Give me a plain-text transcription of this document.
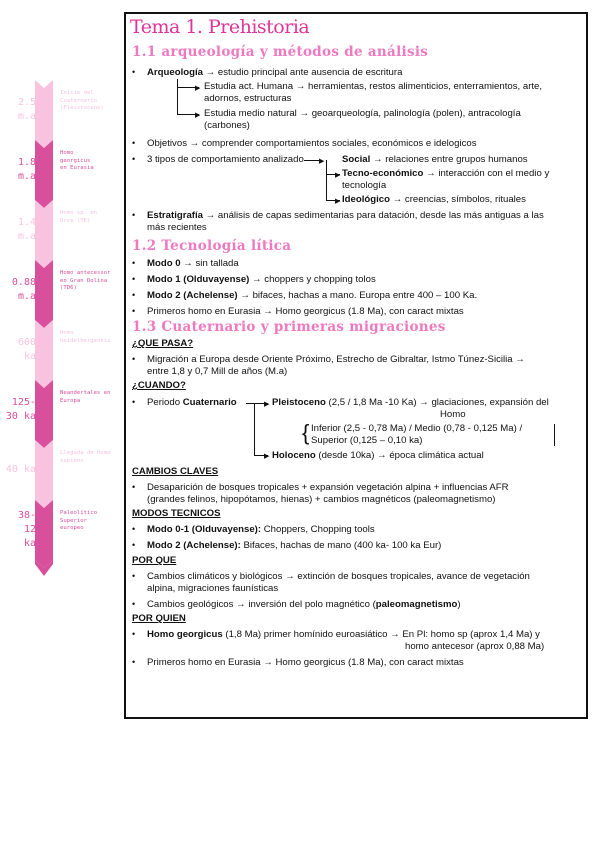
2.5
m.a
Inicio del
Cuaternario
(Pleistoceno)
1.8
m.a
Homo
georgicus
en Eurasia
1.4
m.a
Homo sp. en
Orce (TE)
0.88
m.a
Homo antecessor
en Gran Dolina
(TD6)
600
ka
Homo
heidelbergensis
125-
30 ka
Neandertales en
Europa
40 ka
Llegada de Homo
sapiens
38-
12
ka
Paleolítico
Superior
europeo
Tema 1. Prehistoria
1.1 arqueología y métodos de análisis
• Arqueología → estudio principal ante ausencia de escritura
▶ Estudia act. Humana → herramientas, restos alimenticios, enterramientos, arte,
adornos, estructuras
▶ Estudia medio natural → geoarqueología, palinología (polen), antracología
(carbones)
• Objetivos → comprender comportamientos sociales, económicos e idelogicos
• 3 tipos de comportamiento analizado ▶ Social → relaciones entre grupos humanos
▶ Tecno-económico → interacción con el medio y
tecnología
▶ Ideológico → creencias, símbolos, rituales
• Estratigrafía → análisis de capas sedimentarias para datación, desde las más antiguas a las
más recientes
1.2 Tecnología lítica
• Modo 0 → sin tallada
• Modo 1 (Olduvayense) → choppers y chopping tolos
• Modo 2 (Achelense) → bifaces, hachas a mano. Europa entre 400 – 100 Ka.
• Primeros homo en Eurasia → Homo georgicus (1.8 Ma), con caract mixtas
1.3 Cuaternario y primeras migraciones
¿QUE PASA?
• Migración a Europa desde Oriente Próximo, Estrecho de Gibraltar, Istmo Túnez-Sicilia →
entre 1,8 y 0,7 Mill de años (M.a)
¿CUANDO?
• Periodo Cuaternario	▶ Pleistoceno (2,5 / 1,8 Ma -10 Ka) → glaciaciones, expansión del
Homo
{ Inferior (2,5 - 0,78 Ma) / Medio (0,78 - 0,125 Ma) /
Superior (0,125 – 0,10 ka)
▶ Holoceno (desde 10ka) → época climática actual
CAMBIOS CLAVES
• Desaparición de bosques tropicales + expansión vegetación alpina + influencias AFR
(grandes felinos, hipopótamos, hienas) + cambios magnéticos (paleomagnetismo)
MODOS TECNICOS
• Modo 0-1 (Olduvayense): Choppers, Chopping tools
• Modo 2 (Achelense): Bifaces, hachas de mano (400 ka- 100 ka Eur)
POR QUE
• Cambios climáticos y biológicos → extinción de bosques tropicales, avance de vegetación
alpina, migraciones faunísticas
• Cambios geológicos → inversión del polo magnético (paleomagnetismo)
POR QUIEN
• Homo georgicus (1,8 Ma) primer homínido euroasiático → En Pl: homo sp (aprox 1,4 Ma) y
homo antecesor (aprox 0,88 Ma)
• Primeros homo en Eurasia → Homo georgicus (1.8 Ma), con caract mixtas
